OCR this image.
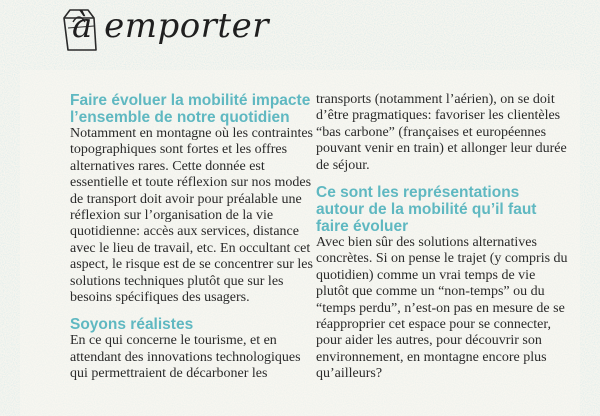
à emporter
Faire évoluer la mobilité impacte l’ensemble de notre quotidien

Notamment en montagne où les contraintes topographiques sont fortes et les offres alternatives rares. Cette donnée est essentielle et toute réflexion sur nos modes de transport doit avoir pour préalable une réflexion sur l’organisation de la vie quotidienne: accès aux services, distance avec le lieu de travail, etc. En occultant cet aspect, le risque est de se concentrer sur les solutions techniques plutôt que sur les besoins spécifiques des usagers.

Soyons réalistes

En ce qui concerne le tourisme, et en attendant des innovations technologiques qui permettraient de décarboner les

transports (notamment l’aérien), on se doit d’être pragmatiques: favoriser les clientèles “bas carbone” (françaises et européennes pouvant venir en train) et allonger leur durée de séjour.

Ce sont les représentations autour de la mobilité qu’il faut faire évoluer

Avec bien sûr des solutions alternatives concrètes. Si on pense le trajet (y compris du quotidien) comme un vrai temps de vie plutôt que comme un “non-temps” ou du “temps perdu”, n’est-on pas en mesure de se réapproprier cet espace pour se connecter, pour aider les autres, pour découvrir son environnement, en montagne encore plus qu’ailleurs?
